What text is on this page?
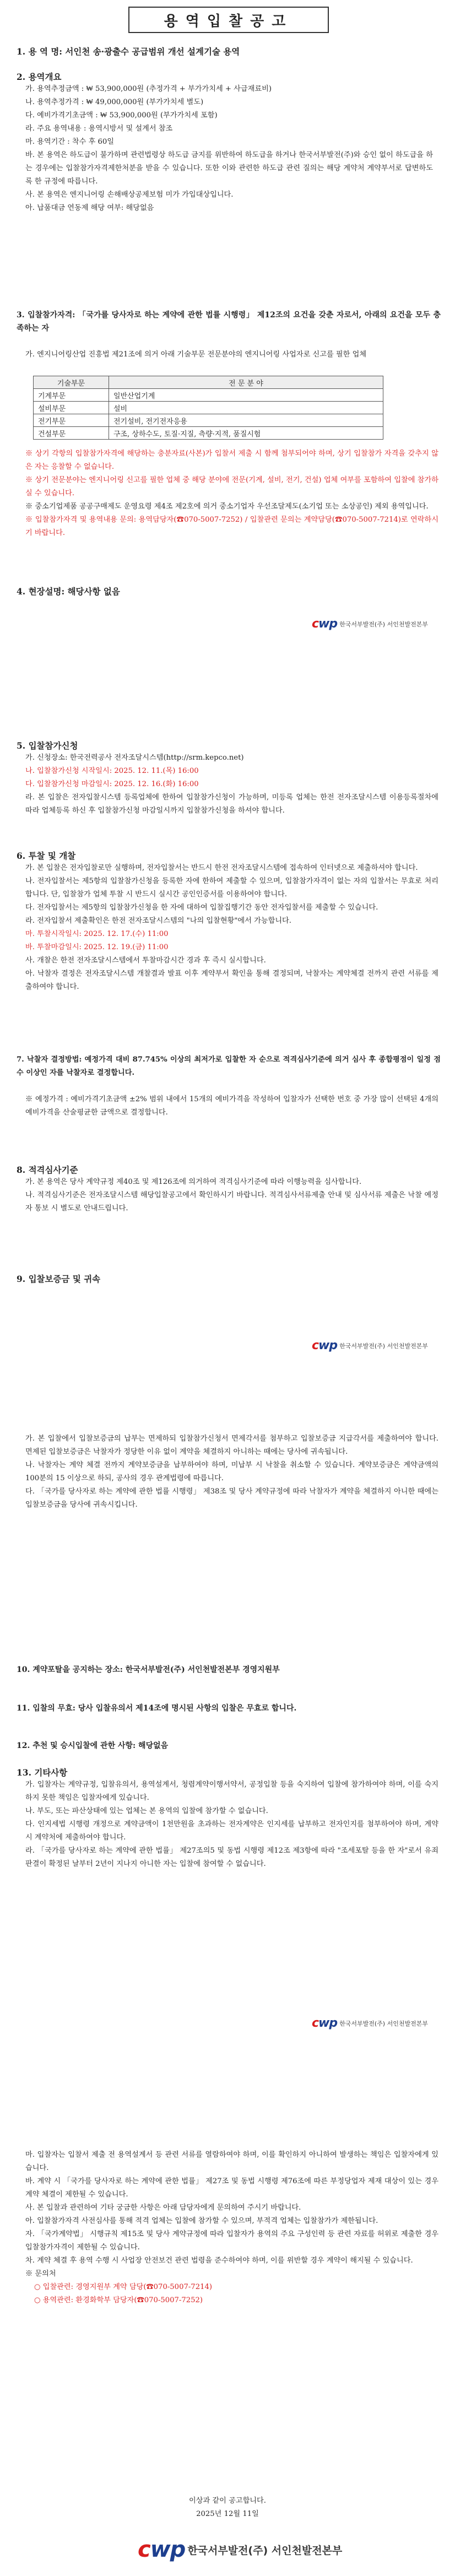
용역입찰공고
1. 용 역 명: 서인천 송·광출수 공급범위 개선 설계기술 용역
2. 용역개요
가. 용역추정금액 : ₩ 53,900,000원 (추정가격 + 부가가치세 + 사급재료비)
나. 용역추정가격 : ₩ 49,000,000원 (부가가치세 별도)
다. 예비가격기초금액 : ₩ 53,900,000원 (부가가치세 포함)
라. 주요 용역내용 : 용역시방서 및 설계서 참조
마. 용역기간 : 착수 후 60일
바. 본 용역은 하도급이 불가하며 관련법령상 하도급 금지를 위반하여 하도급을 하거나 한국서부발전(주)와 승인 없이 하도급을 하는 경우에는 입찰참가자격제한처분을 받을 수 있습니다. 또한 이와 관련한 하도급 관련 질의는 해당 계약처 계약부서로 답변하도록 한 규정에 따릅니다.
사. 본 용역은 엔지니어링 손해배상공제보험 미가 가입대상입니다.
아. 납품대금 연동제 해당 여부: 해당없음
3. 입찰참가자격: 「국가를 당사자로 하는 계약에 관한 법률 시행령」 제12조의 요건을 갖춘 자로서, 아래의 요건을 모두 충족하는 자
가. 엔지니어링산업 진흥법 제21조에 의거 아래 기술부문 전문분야의 엔지니어링 사업자로 신고를 필한 업체
기술부문	전 문 분 야
기계부문	일반산업기계
설비부문	설비
전기부문	전기설비, 전기전자응용
건설부문	구조, 상하수도, 토질·지질, 측량·지적, 품질시험
※ 상기 각항의 입찰참가자격에 해당하는 충분자료(사본)가 입찰서 제출 시 함께 첨부되어야 하며, 상기 입찰참가 자격을 갖추지 않은 자는 응찰할 수 없습니다.
※ 상기 전문분야는 엔지니어링 신고를 필한 업체 중 해당 분야에 전문(기계, 설비, 전기, 건설) 업체 여부를 포함하여 입찰에 참가하실 수 있습니다.
※ 중소기업제품 공공구매제도 운영요령 제4조 제2호에 의거 중소기업자 우선조달제도(소기업 또는 소상공인) 제외 용역입니다.
※ 입찰참가자격 및 용역내용 문의: 용역담당자(☎070-5007-7252) / 입찰관련 문의는 계약담당(☎070-5007-7214)로 연락하시기 바랍니다.
4. 현장설명: 해당사항 없음
cwp 한국서부발전(주) 서인천발전본부
5. 입찰참가신청
가. 신청장소: 한국전력공사 전자조달시스템(http://srm.kepco.net)
나. 입찰참가신청 시작일시: 2025. 12. 11.(목) 16:00
다. 입찰참가신청 마감일시: 2025. 12. 16.(화) 16:00
라. 본 입찰은 전자입찰시스템 등록업체에 한하여 입찰참가신청이 가능하며, 미등록 업체는 한전 전자조달시스템 이용등록절차에 따라 업체등록 하신 후 입찰참가신청 마감일시까지 입찰참가신청을 하셔야 합니다.
6. 투찰 및 개찰
가. 본 입찰은 전자입찰로만 실행하며, 전자입찰서는 반드시 한전 전자조달시스템에 접속하여 인터넷으로 제출하셔야 합니다.
나. 전자입찰서는 제5항의 입찰참가신청을 등록한 자에 한하여 제출할 수 있으며, 입찰참가자격이 없는 자의 입찰서는 무효로 처리합니다. 단, 입찰참가 업체 투찰 시 반드시 실시간 공인인증서를 이용하여야 합니다.
다. 전자입찰서는 제5항의 입찰참가신청을 한 자에 대하여 입찰집행기간 동안 전자입찰서를 제출할 수 있습니다.
라. 전자입찰서 제출확인은 한전 전자조달시스템의 "나의 입찰현황"에서 가능합니다.
마. 투찰시작일시: 2025. 12. 17.(수) 11:00
바. 투찰마감일시: 2025. 12. 19.(금) 11:00
사. 개찰은 한전 전자조달시스템에서 투찰마감시간 경과 후 즉시 실시합니다.
아. 낙찰자 결정은 전자조달시스템 개찰결과 발표 이후 계약부서 확인을 통해 결정되며, 낙찰자는 계약체결 전까지 관련 서류를 제출하여야 합니다.
7. 낙찰자 결정방법: 예정가격 대비 87.745% 이상의 최저가로 입찰한 자 순으로 적격심사기준에 의거 심사 후 종합평점이 일정 점수 이상인 자를 낙찰자로 결정합니다.
※ 예정가격 : 예비가격기초금액 ±2% 범위 내에서 15개의 예비가격을 작성하여 입찰자가 선택한 번호 중 가장 많이 선택된 4개의 예비가격을 산술평균한 금액으로 결정합니다.
8. 적격심사기준
가. 본 용역은 당사 계약규정 제40조 및 제126조에 의거하여 적격심사기준에 따라 이행능력을 심사합니다.
나. 적격심사기준은 전자조달시스템 해당입찰공고에서 확인하시기 바랍니다. 적격심사서류제출 안내 및 심사서류 제출은 낙찰 예정자 통보 시 별도로 안내드립니다.
9. 입찰보증금 및 귀속
cwp 한국서부발전(주) 서인천발전본부
가. 본 입찰에서 입찰보증금의 납부는 면제하되 입찰참가신청서 면제각서를 첨부하고 입찰보증금 지급각서를 제출하여야 합니다. 면제된 입찰보증금은 낙찰자가 정당한 이유 없이 계약을 체결하지 아니하는 때에는 당사에 귀속됩니다.
나. 낙찰자는 계약 체결 전까지 계약보증금을 납부하여야 하며, 미납부 시 낙찰을 취소할 수 있습니다. 계약보증금은 계약금액의 100분의 15 이상으로 하되, 공사의 경우 관계법령에 따릅니다.
다. 「국가를 당사자로 하는 계약에 관한 법률 시행령」 제38조 및 당사 계약규정에 따라 낙찰자가 계약을 체결하지 아니한 때에는 입찰보증금을 당사에 귀속시킵니다.
10. 계약포탈을 공지하는 장소: 한국서부발전(주) 서인천발전본부 경영지원부
11. 입찰의 무효: 당사 입찰유의서 제14조에 명시된 사항의 입찰은 무효로 합니다.
12. 추천 및 승시입찰에 관한 사항: 해당없음
13. 기타사항
가. 입찰자는 계약규정, 입찰유의서, 용역설계서, 청렴계약이행서약서, 공정입찰 등을 숙지하여 입찰에 참가하여야 하며, 이를 숙지하지 못한 책임은 입찰자에게 있습니다.
나. 부도, 또는 파산상태에 있는 업체는 본 용역의 입찰에 참가할 수 없습니다.
다. 인지세법 시행령 개정으로 계약금액이 1천만원을 초과하는 전자계약은 인지세를 납부하고 전자인지를 첨부하여야 하며, 계약 시 계약처에 제출하여야 합니다.
라. 「국가를 당사자로 하는 계약에 관한 법률」 제27조의5 및 동법 시행령 제12조 제3항에 따라 "조세포탈 등을 한 자"로서 유죄판결이 확정된 날부터 2년이 지나지 아니한 자는 입찰에 참여할 수 없습니다.
cwp 한국서부발전(주) 서인천발전본부
마. 입찰자는 입찰서 제출 전 용역설계서 등 관련 서류를 열람하여야 하며, 이를 확인하지 아니하여 발생하는 책임은 입찰자에게 있습니다.
바. 계약 시 「국가를 당사자로 하는 계약에 관한 법률」 제27조 및 동법 시행령 제76조에 따른 부정당업자 제재 대상이 있는 경우 계약 체결이 제한될 수 있습니다.
사. 본 입찰과 관련하여 기타 궁금한 사항은 아래 담당자에게 문의하여 주시기 바랍니다.
아. 입찰참가자격 사전심사를 통해 적격 업체는 입찰에 참가할 수 있으며, 부적격 업체는 입찰참가가 제한됩니다.
자. 「국가계약법」 시행규칙 제15조 및 당사 계약규정에 따라 입찰자가 용역의 주요 구성인력 등 관련 자료를 허위로 제출한 경우 입찰참가자격이 제한될 수 있습니다.
차. 계약 체결 후 용역 수행 시 사업장 안전보건 관련 법령을 준수하여야 하며, 이를 위반할 경우 계약이 해지될 수 있습니다.
※ 문의처
○ 입찰관련: 경영지원부 계약 담당(☎070-5007-7214)
○ 용역관련: 환경화학부 담당자(☎070-5007-7252)
이상과 같이 공고합니다.
2025년 12월 11일
cwp 한국서부발전(주) 서인천발전본부
